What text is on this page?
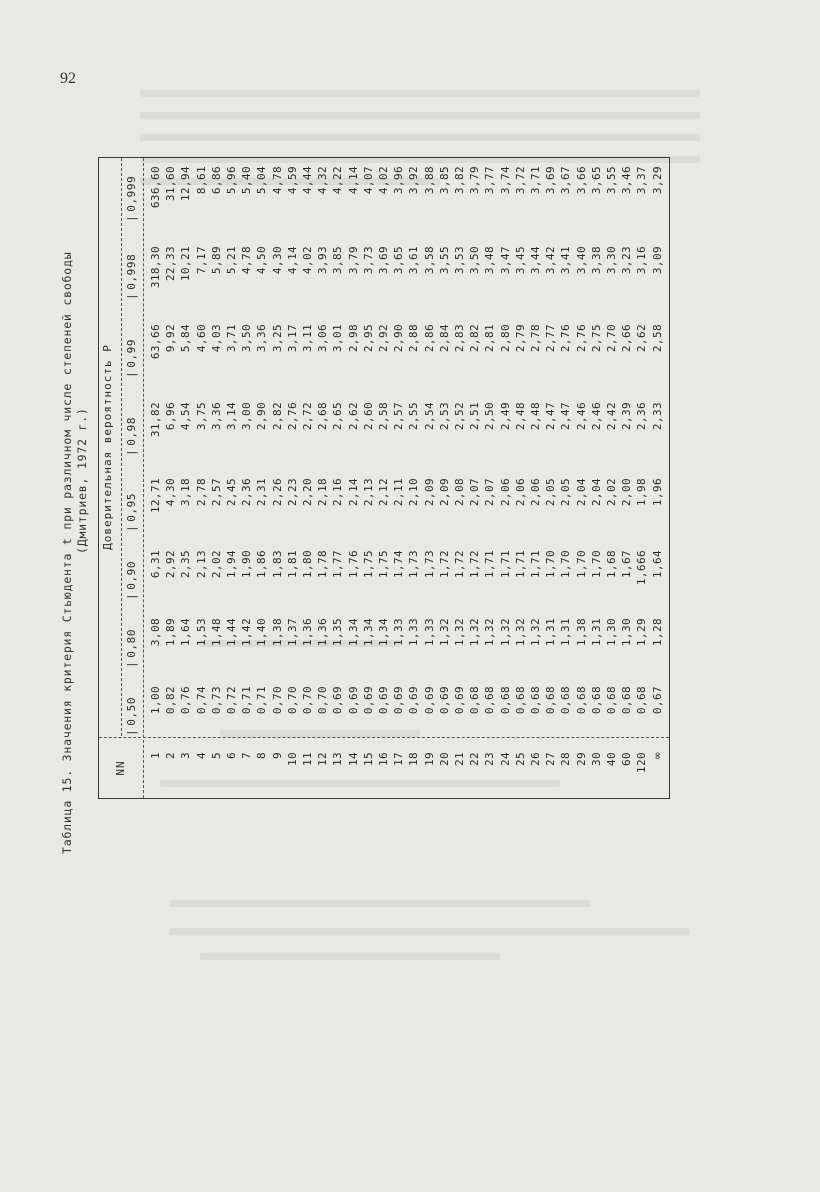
92
Таблица 15. Значения критерия Стьюдента t при различном числе степеней свободы (Дмитриев, 1972 г.)
NN
Доверительная вероятность P
| 0,50
| 0,80
| 0,90
| 0,95
| 0,98
| 0,99
| 0,998
| 0,999
1
1,00
3,08
6,31
12,71
31,82
63,66
318,30
636,60
2
0,82
1,89
2,92
4,30
6,96
9,92
22,33
31,60
3
0,76
1,64
2,35
3,18
4,54
5,84
10,21
12,94
4
0,74
1,53
2,13
2,78
3,75
4,60
7,17
8,61
5
0,73
1,48
2,02
2,57
3,36
4,03
5,89
6,86
6
0,72
1,44
1,94
2,45
3,14
3,71
5,21
5,96
7
0,71
1,42
1,90
2,36
3,00
3,50
4,78
5,40
8
0,71
1,40
1,86
2,31
2,90
3,36
4,50
5,04
9
0,70
1,38
1,83
2,26
2,82
3,25
4,30
4,78
10
0,70
1,37
1,81
2,23
2,76
3,17
4,14
4,59
11
0,70
1,36
1,80
2,20
2,72
3,11
4,02
4,44
12
0,70
1,36
1,78
2,18
2,68
3,06
3,93
4,32
13
0,69
1,35
1,77
2,16
2,65
3,01
3,85
4,22
14
0,69
1,34
1,76
2,14
2,62
2,98
3,79
4,14
15
0,69
1,34
1,75
2,13
2,60
2,95
3,73
4,07
16
0,69
1,34
1,75
2,12
2,58
2,92
3,69
4,02
17
0,69
1,33
1,74
2,11
2,57
2,90
3,65
3,96
18
0,69
1,33
1,73
2,10
2,55
2,88
3,61
3,92
19
0,69
1,33
1,73
2,09
2,54
2,86
3,58
3,88
20
0,69
1,32
1,72
2,09
2,53
2,84
3,55
3,85
21
0,69
1,32
1,72
2,08
2,52
2,83
3,53
3,82
22
0,68
1,32
1,72
2,07
2,51
2,82
3,50
3,79
23
0,68
1,32
1,71
2,07
2,50
2,81
3,48
3,77
24
0,68
1,32
1,71
2,06
2,49
2,80
3,47
3,74
25
0,68
1,32
1,71
2,06
2,48
2,79
3,45
3,72
26
0,68
1,32
1,71
2,06
2,48
2,78
3,44
3,71
27
0,68
1,31
1,70
2,05
2,47
2,77
3,42
3,69
28
0,68
1,31
1,70
2,05
2,47
2,76
3,41
3,67
29
0,68
1,38
1,70
2,04
2,46
2,76
3,40
3,66
30
0,68
1,31
1,70
2,04
2,46
2,75
3,38
3,65
40
0,68
1,30
1,68
2,02
2,42
2,70
3,30
3,55
60
0,68
1,30
1,67
2,00
2,39
2,66
3,23
3,46
120
0,68
1,29
1,666
1,98
2,36
2,62
3,16
3,37
∞
0,67
1,28
1,64
1,96
2,33
2,58
3,09
3,29
